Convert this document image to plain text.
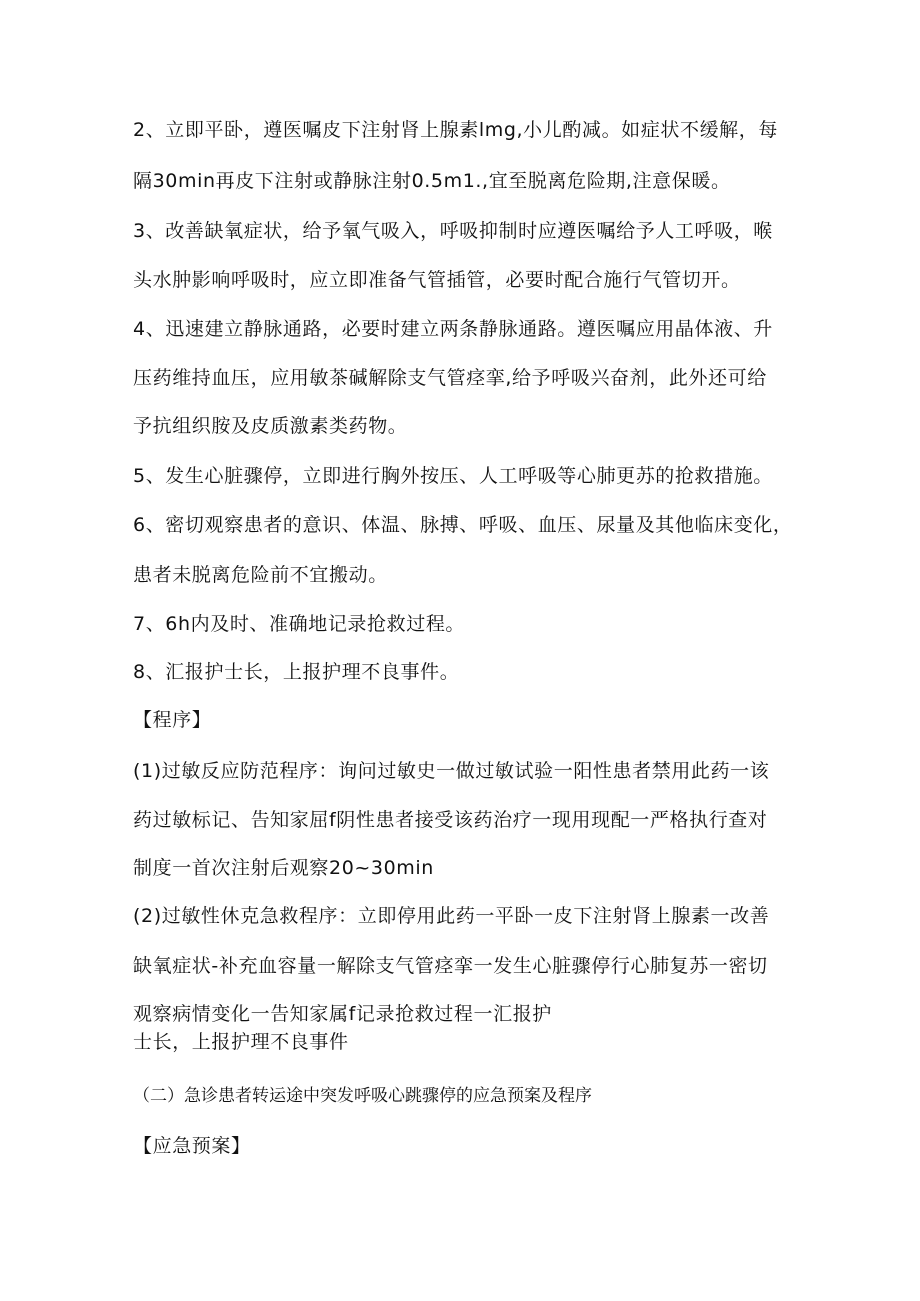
2、立即平卧，遵医嘱皮下注射肾上腺素lmg,小儿酌减。如症状不缓解，每
隔30min再皮下注射或静脉注射0.5m1.,宜至脱离危险期,注意保暖。
3、改善缺氧症状，给予氧气吸入，呼吸抑制时应遵医嘱给予人工呼吸，喉
头水肿影响呼吸时，应立即准备气管插管，必要时配合施行气管切开。
4、迅速建立静脉通路，必要时建立两条静脉通路。遵医嘱应用晶体液、升
压药维持血压，应用敏茶碱解除支气管痉挛,给予呼吸兴奋剂，此外还可给
予抗组织胺及皮质激素类药物。
5、发生心脏骤停，立即进行胸外按压、人工呼吸等心肺更苏的抢救措施。
6、密切观察患者的意识、体温、脉搏、呼吸、血压、尿量及其他临床变化，
患者未脱离危险前不宜搬动。
7、6h内及时、准确地记录抢救过程。
8、汇报护士长，上报护理不良事件。
【程序】
(1)过敏反应防范程序：询问过敏史一做过敏试验一阳性患者禁用此药一该
药过敏标记、告知家屈f阴性患者接受该药治疗一现用现配一严格执行查对
制度一首次注射后观察20~30min
(2)过敏性休克急救程序：立即停用此药一平卧一皮下注射肾上腺素一改善
缺氧症状-补充血容量一解除支气管痉挛一发生心脏骤停行心肺复苏一密切
观察病情变化一告知家属f记录抢救过程一汇报护
士长，上报护理不良事件
（二）急诊患者转运途中突发呼吸心跳骤停的应急预案及程序
【应急预案】
